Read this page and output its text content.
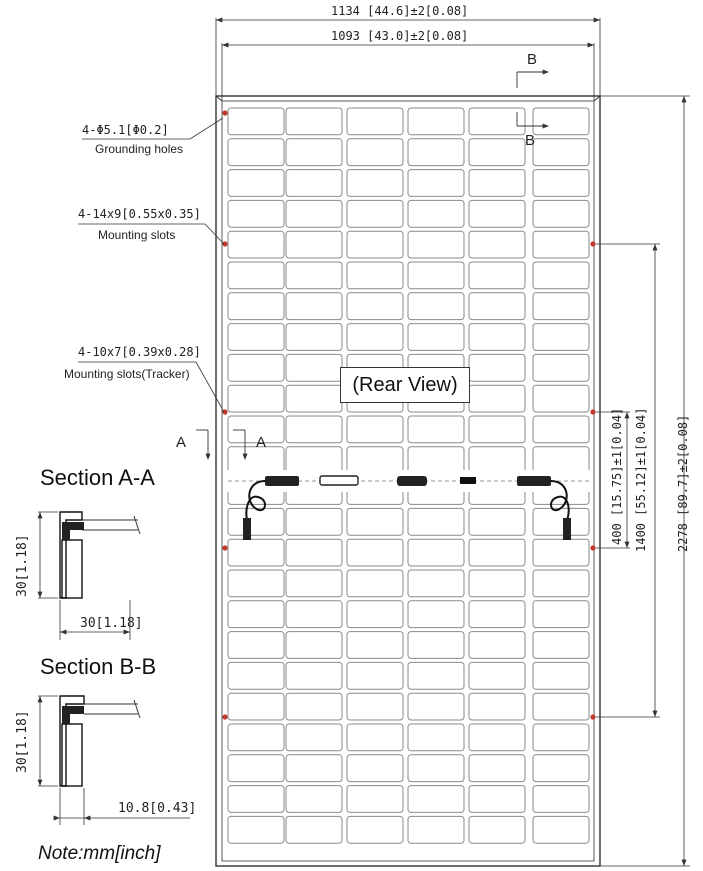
1134 [44.6]±2[0.08]
1093 [43.0]±2[0.08]
2278 [89.7]±2[0.08]
1400 [55.12]±1[0.04]
400 [15.75]±1[0.04]
4-Φ5.1[Φ0.2]
Grounding holes
4-14x9[0.55x0.35]
Mounting slots
4-10x7[0.39x0.28]
Mounting slots(Tracker)
B
B
A	A
(Rear View)
Section A-A
30[1.18]
30[1.18]
Section B-B
30[1.18]
10.8[0.43]
Note:mm[inch]
